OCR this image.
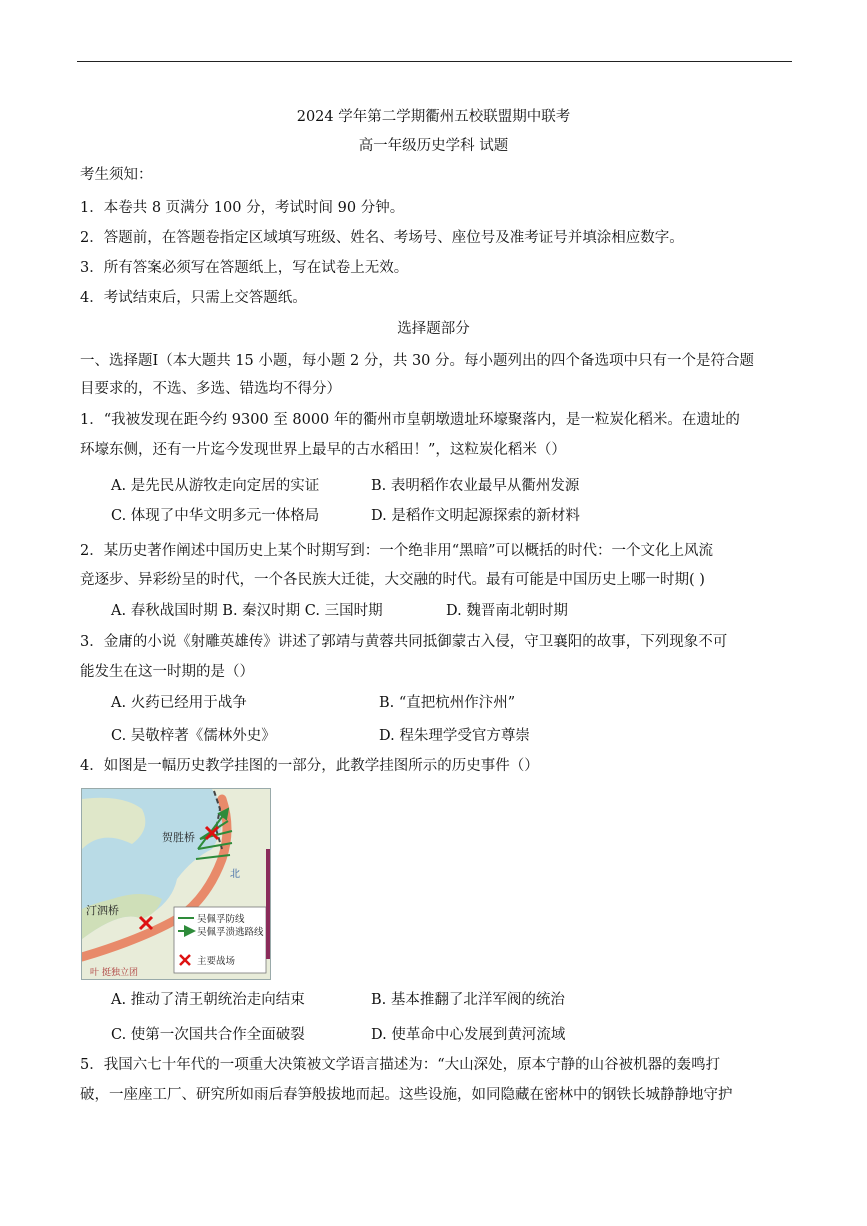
2024 学年第二学期衢州五校联盟期中联考
高一年级历史学科 试题
考生须知：
1．本卷共 8 页满分 100 分，考试时间 90 分钟。
2．答题前，在答题卷指定区域填写班级、姓名、考场号、座位号及准考证号并填涂相应数字。
3．所有答案必须写在答题纸上，写在试卷上无效。
4．考试结束后，只需上交答题纸。
选择题部分
一、选择题Ⅰ（本大题共 15 小题，每小题 2 分，共 30 分。每小题列出的四个备选项中只有一个是符合题
目要求的，不选、多选、错选均不得分）
1．“我被发现在距今约 9300 至 8000 年的衢州市皇朝墩遗址环壕聚落内，是一粒炭化稻米。在遗址的
环壕东侧，还有一片迄今发现世界上最早的古水稻田！”，这粒炭化稻米（）
A. 是先民从游牧走向定居的实证	B. 表明稻作农业最早从衢州发源
C. 体现了中华文明多元一体格局	D. 是稻作文明起源探索的新材料
2．某历史著作阐述中国历史上某个时期写到：一个绝非用“黑暗”可以概括的时代：一个文化上风流
竞逐步、异彩纷呈的时代，一个各民族大迁徙，大交融的时代。最有可能是中国历史上哪一时期( )
A. 春秋战国时期 B. 秦汉时期 C. 三国时期	D. 魏晋南北朝时期
3．金庸的小说《射雕英雄传》讲述了郭靖与黄蓉共同抵御蒙古入侵，守卫襄阳的故事，下列现象不可
能发生在这一时期的是（）
A. 火药已经用于战争	B. “直把杭州作汴州”
C. 吴敬梓著《儒林外史》	D. 程朱理学受官方尊崇
4．如图是一幅历史教学挂图的一部分，此教学挂图所示的历史事件（）
贺胜桥
汀泗桥
北
叶 挺独立团
吴佩孚防线
吴佩孚溃逃路线
主要战场
A. 推动了清王朝统治走向结束	B. 基本推翻了北洋军阀的统治
C. 使第一次国共合作全面破裂	D. 使革命中心发展到黄河流域
5．我国六七十年代的一项重大决策被文学语言描述为：“大山深处，原本宁静的山谷被机器的轰鸣打
破，一座座工厂、研究所如雨后春笋般拔地而起。这些设施，如同隐藏在密林中的钢铁长城静静地守护
